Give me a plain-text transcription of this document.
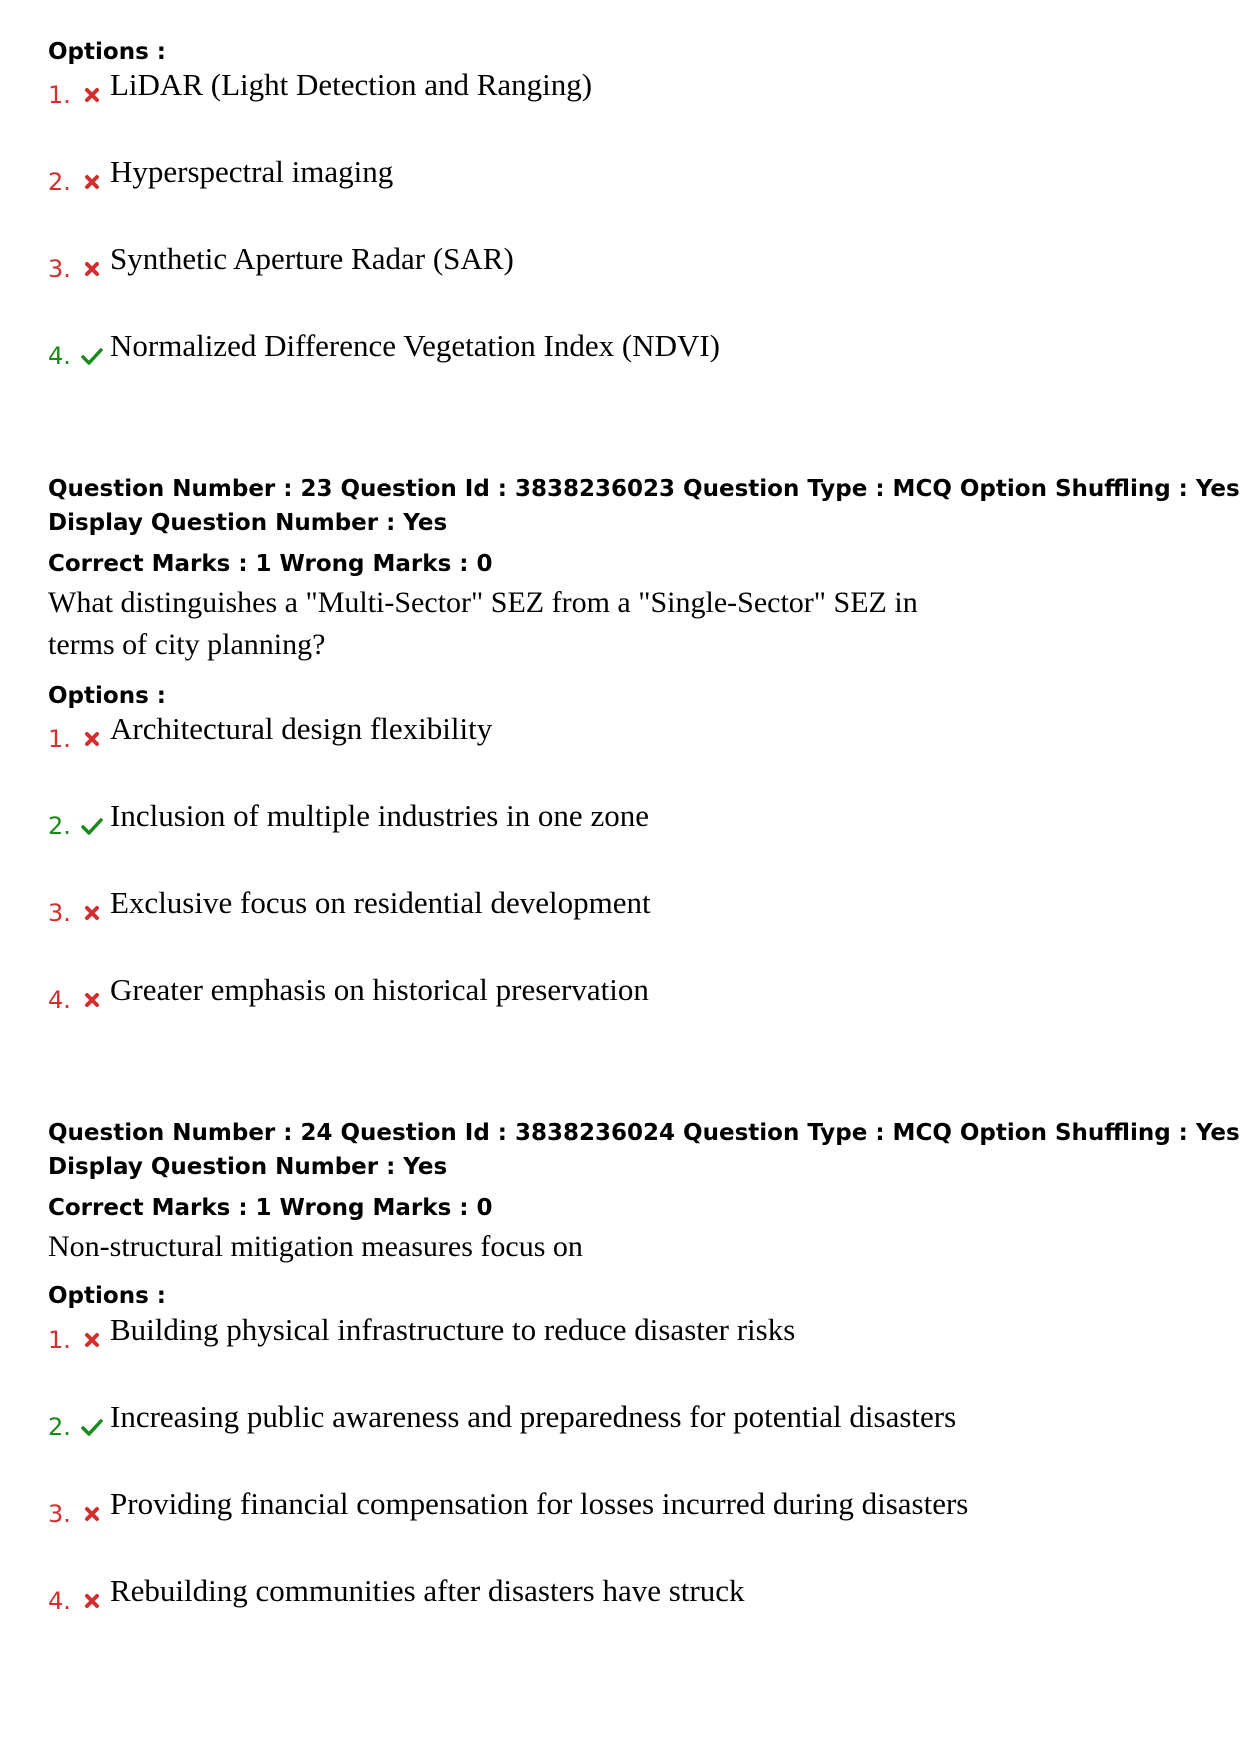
Options :
1. LiDAR (Light Detection and Ranging)
2. Hyperspectral imaging
3. Synthetic Aperture Radar (SAR)
4. Normalized Difference Vegetation Index (NDVI)
Question Number : 23 Question Id : 3838236023 Question Type : MCQ Option Shuffling : Yes
Display Question Number : Yes
Correct Marks : 1 Wrong Marks : 0
What distinguishes a "Multi-Sector" SEZ from a "Single-Sector" SEZ in terms of city planning?
Options :
1. Architectural design flexibility
2. Inclusion of multiple industries in one zone
3. Exclusive focus on residential development
4. Greater emphasis on historical preservation
Question Number : 24 Question Id : 3838236024 Question Type : MCQ Option Shuffling : Yes
Display Question Number : Yes
Correct Marks : 1 Wrong Marks : 0
Non-structural mitigation measures focus on
Options :
1. Building physical infrastructure to reduce disaster risks
2. Increasing public awareness and preparedness for potential disasters
3. Providing financial compensation for losses incurred during disasters
4. Rebuilding communities after disasters have struck
